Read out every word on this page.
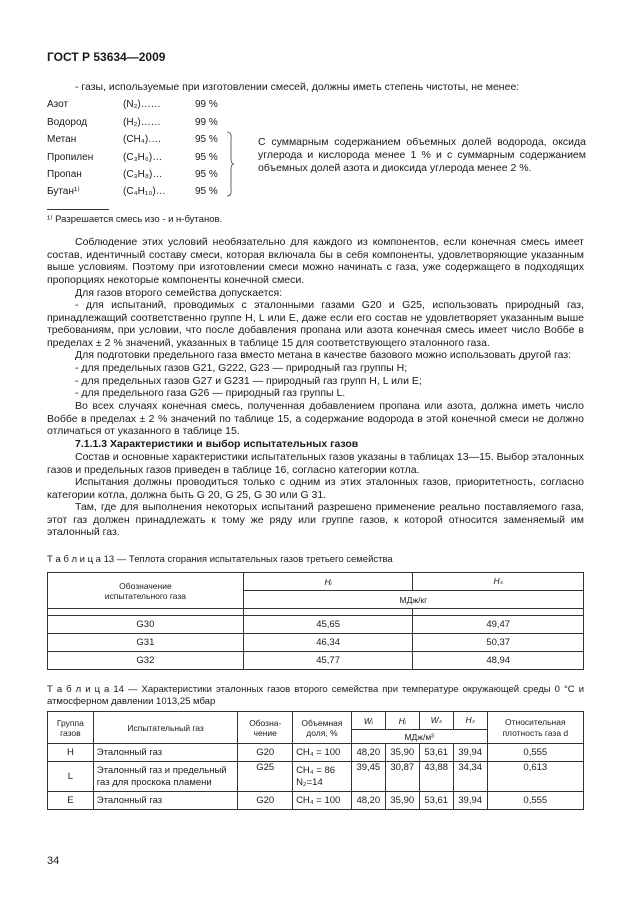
ГОСТ Р 53634—2009
- газы, используемые при изготовлении смесей, должны иметь степень чистоты, не менее:
Азот	(N₂)……	99 %
Водород	(H₂)……	99 %
Метан	(CH₄)….	95 %
Пропилен	(C₃H₆)…	95 %
Пропан	(C₃H₈)…	95 %
Бутан¹⁾	(C₄H₁₀)…	95 %
С суммарным содержанием объемных долей водорода, оксида углерода и кислорода менее 1 % и с суммарным содержанием объемных долей азота и диоксида углерода менее 2 %.
¹⁾ Разрешается смесь изо - и н-бутанов.
Соблюдение этих условий необязательно для каждого из компонентов, если конечная смесь имеет состав, идентичный составу смеси, которая включала бы в себя компоненты, удовлетворяющие указанным выше условиям. Поэтому при изготовлении смеси можно начинать с газа, уже содержащего в подходящих пропорциях некоторые компоненты конечной смеси.
Для газов второго семейства допускается:
- для испытаний, проводимых с эталонными газами G20 и G25, использовать природный газ, принадлежащий соответственно группе H, L или E, даже если его состав не удовлетворяет указанным выше требованиям, при условии, что после добавления пропана или азота конечная смесь имеет число Воббе в пределах ± 2 % значений, указанных в таблице 15 для соответствующего эталонного газа.
Для подготовки предельного газа вместо метана в качестве базового можно использовать другой газ:
- для предельных газов G21, G222, G23 — природный газ группы H;
- для предельных газов G27 и G231 — природный газ групп H, L или E;
- для предельного газа G26 — природный газ группы L.
Во всех случаях конечная смесь, полученная добавлением пропана или азота, должна иметь число Воббе в пределах ± 2 % значений по таблице 15, а содержание водорода в этой конечной смеси не должно отличаться от указанного в таблице 15.
7.1.1.3 Характеристики и выбор испытательных газов
Состав и основные характеристики испытательных газов указаны в таблицах 13—15. Выбор эталонных газов и предельных газов приведен в таблице 16, согласно категории котла.
Испытания должны проводиться только с одним из этих эталонных газов, приоритетность, согласно категории котла, должна быть G 20, G 25, G 30 или G 31.
Там, где для выполнения некоторых испытаний разрешено применение реально поставляемого газа, этот газ должен принадлежать к тому же ряду или группе газов, к которой относится заменяемый им эталонный газ.
Т а б л и ц а 13 — Теплота сгорания испытательных газов третьего семейства
Обозначение испытательного газа	Hᵢ	Hₛ
	МДж/кг	

G30	45,65	49,47
G31	46,34	50,37
G32	45,77	48,94
Т а б л и ц а 14 — Характеристики эталонных газов второго семейства при температуре окружающей среды 0 °C и атмосферном давлении 1013,25 мбар
Группа газов	Испытательный газ	Обозначение	Объемная доля, %	Wᵢ	Hᵢ	Wₛ	Hₛ	Относительная плотность газа d
				МДж/м³				
H	Эталонный газ	G20	CH₄ = 100	48,20	35,90	53,61	39,94	0,555
L	Эталонный газ и предельный газ для проскока пламени	G25	CH₄ = 86 N₂=14	39,45	30,87	43,88	34,34	0,613
E	Эталонный газ	G20	CH₄ = 100	48,20	35,90	53,61	39,94	0,555
34
